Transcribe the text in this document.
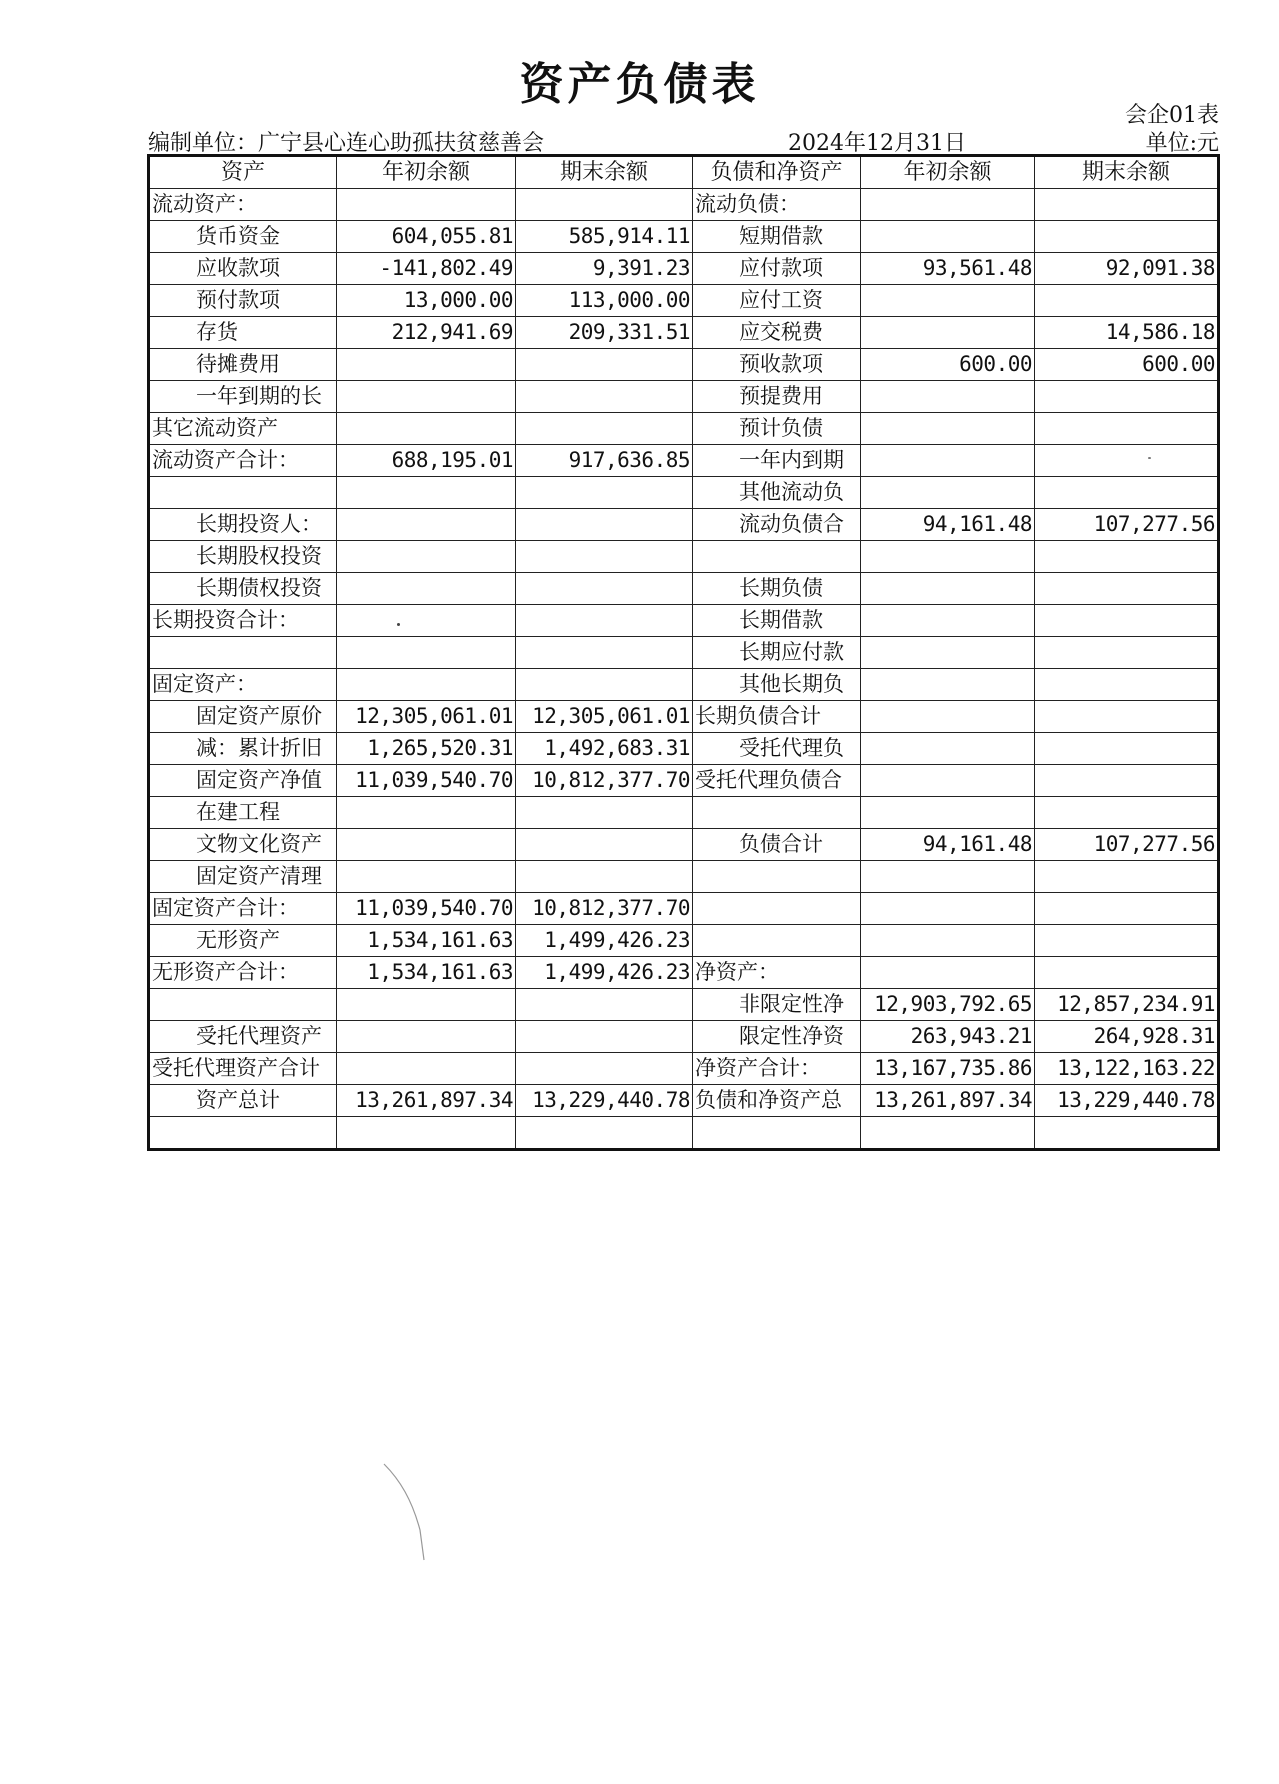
资产负债表
会企01表
编制单位：广宁县心连心助孤扶贫慈善会	2024年12月31日	单位:元
资产	年初余额	期末余额	负债和净资产	年初余额	期末余额
流动资产：			流动负债：		
货币资金	604,055.81	585,914.11	短期借款		
应收款项	-141,802.49	9,391.23	应付款项	93,561.48	92,091.38
预付款项	13,000.00	113,000.00	应付工资		
存货	212,941.69	209,331.51	应交税费		14,586.18
待摊费用			预收款项	600.00	600.00
一年到期的长			预提费用		
其它流动资产			预计负债		
流动资产合计：	688,195.01	917,636.85	一年内到期		
			其他流动负		
长期投资人：			流动负债合	94,161.48	107,277.56
长期股权投资					
长期债权投资			长期负债		
长期投资合计：			长期借款		
			长期应付款		
固定资产：			其他长期负		
固定资产原价	12,305,061.01	12,305,061.01	长期负债合计		
减：累计折旧	1,265,520.31	1,492,683.31	受托代理负		
固定资产净值	11,039,540.70	10,812,377.70	受托代理负债合		
在建工程					
文物文化资产			负债合计	94,161.48	107,277.56
固定资产清理					
固定资产合计：	11,039,540.70	10,812,377.70			
无形资产	1,534,161.63	1,499,426.23			
无形资产合计：	1,534,161.63	1,499,426.23	净资产：		
			非限定性净	12,903,792.65	12,857,234.91
受托代理资产			限定性净资	263,943.21	264,928.31
受托代理资产合计			净资产合计：	13,167,735.86	13,122,163.22
资产总计	13,261,897.34	13,229,440.78	负债和净资产总	13,261,897.34	13,229,440.78
